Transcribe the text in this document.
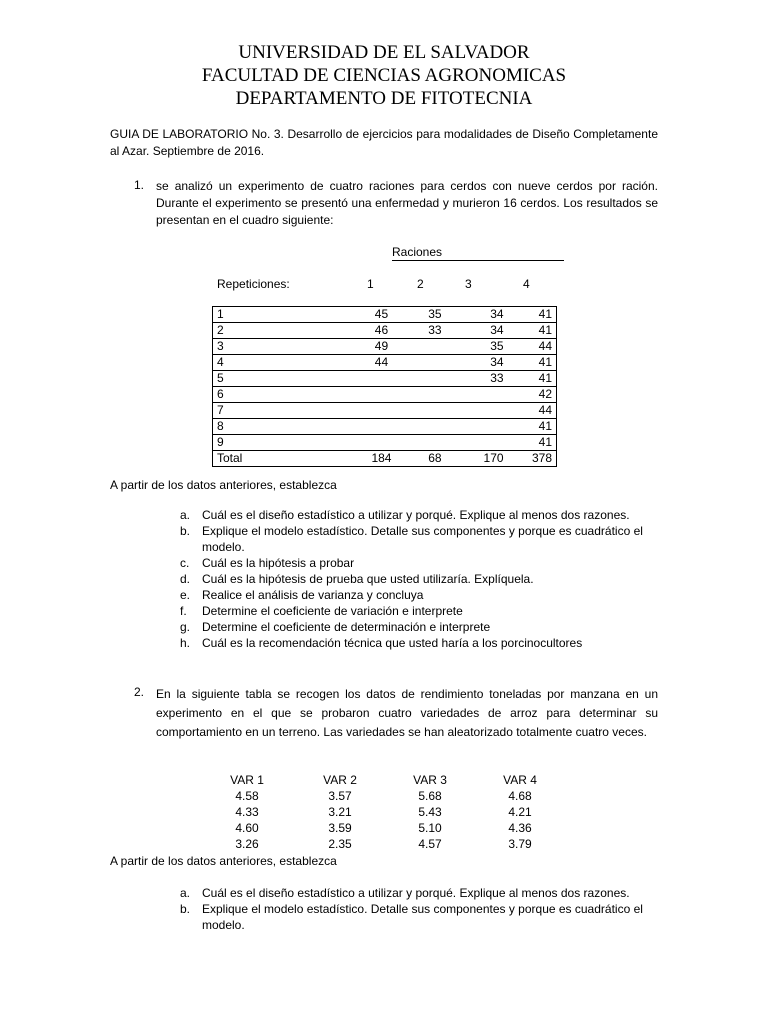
UNIVERSIDAD DE EL SALVADOR
FACULTAD DE CIENCIAS AGRONOMICAS
DEPARTAMENTO DE FITOTECNIA
GUIA DE LABORATORIO No. 3. Desarrollo de ejercicios para modalidades de Diseño Completamente al Azar. Septiembre de 2016.
1. se analizó un experimento de cuatro raciones para cerdos con nueve cerdos por ración. Durante el experimento se presentó una enfermedad y murieron 16 cerdos. Los resultados se presentan en el cuadro siguiente:
Raciones
Repeticiones:	1	2	3	4
1	45	35	34	41
2	46	33	34	41
3	49		35	44
4	44		34	41
5			33	41
6				42
7				44
8				41
9				41
Total	184	68	170	378
A partir de los datos anteriores, establezca
a. Cuál es el diseño estadístico a utilizar y porqué. Explique al menos dos razones.
b. Explique el modelo estadístico. Detalle sus componentes y porque es cuadrático el modelo.
c. Cuál es la hipótesis a probar
d. Cuál es la hipótesis de prueba que usted utilizaría. Explíquela.
e. Realice el análisis de varianza y concluya
f. Determine el coeficiente de variación e interprete
g. Determine el coeficiente de determinación e interprete
h. Cuál es la recomendación técnica que usted haría a los porcinocultores
2. En la siguiente tabla se recogen los datos de rendimiento toneladas por manzana en un experimento en el que se probaron cuatro variedades de arroz para determinar su comportamiento en un terreno. Las variedades se han aleatorizado totalmente cuatro veces.
VAR 1	VAR 2	VAR 3	VAR 4
4.58	3.57	5.68	4.68
4.33	3.21	5.43	4.21
4.60	3.59	5.10	4.36
3.26	2.35	4.57	3.79
A partir de los datos anteriores, establezca
a. Cuál es el diseño estadístico a utilizar y porqué. Explique al menos dos razones.
b. Explique el modelo estadístico. Detalle sus componentes y porque es cuadrático el modelo.
